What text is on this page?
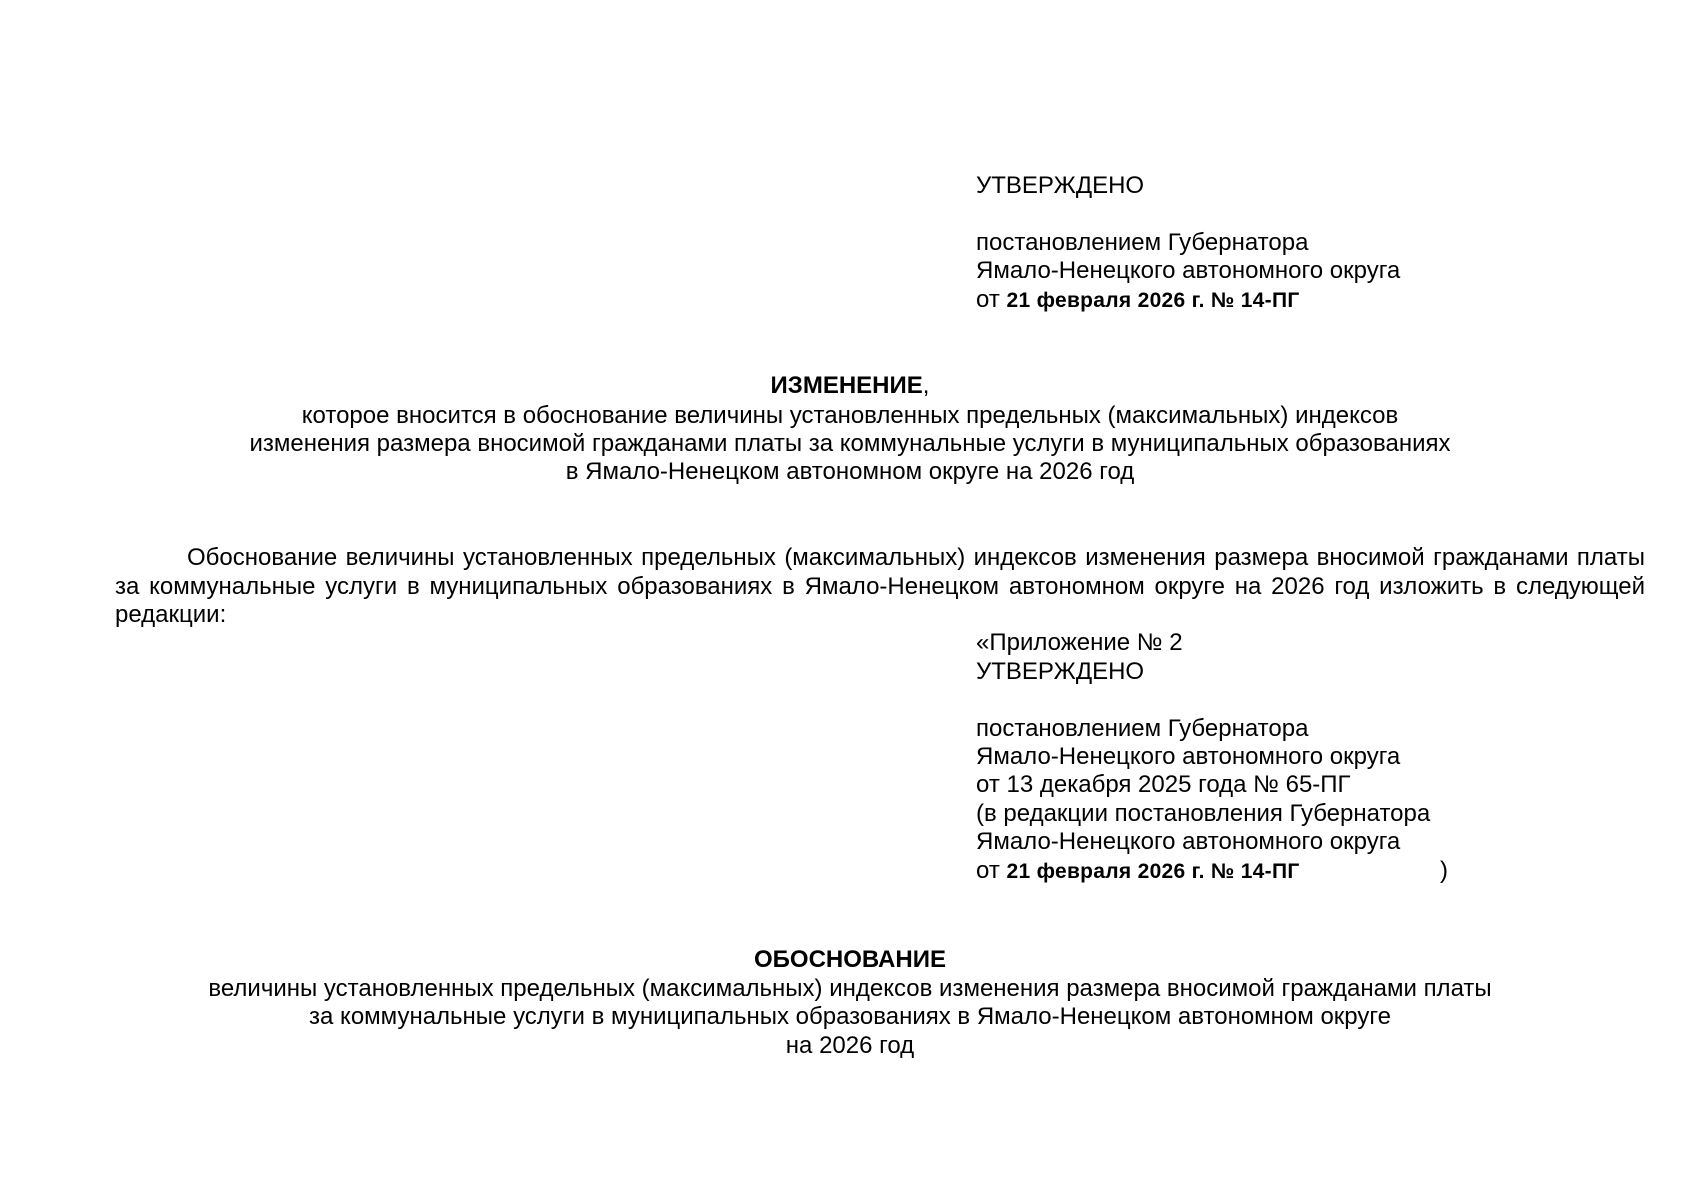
УТВЕРЖДЕНО
постановлением Губернатора
Ямало-Ненецкого автономного округа
от 21 февраля 2026 г. № 14-ПГ
ИЗМЕНЕНИЕ,
которое вносится в обоснование величины установленных предельных (максимальных) индексов
изменения размера вносимой гражданами платы за коммунальные услуги в муниципальных образованиях
в Ямало-Ненецком автономном округе на 2026 год
Обоснование величины установленных предельных (максимальных) индексов изменения размера вносимой гражданами платы за коммунальные услуги в муниципальных образованиях в Ямало-Ненецком автономном округе на 2026 год изложить в следующей редакции:
«Приложение № 2
УТВЕРЖДЕНО
постановлением Губернатора
Ямало-Ненецкого автономного округа
от 13 декабря 2025 года № 65-ПГ
(в редакции постановления Губернатора
Ямало-Ненецкого автономного округа
от 21 февраля 2026 г. № 14-ПГ	)
ОБОСНОВАНИЕ
величины установленных предельных (максимальных) индексов изменения размера вносимой гражданами платы
за коммунальные услуги в муниципальных образованиях в Ямало-Ненецком автономном округе
на 2026 год
